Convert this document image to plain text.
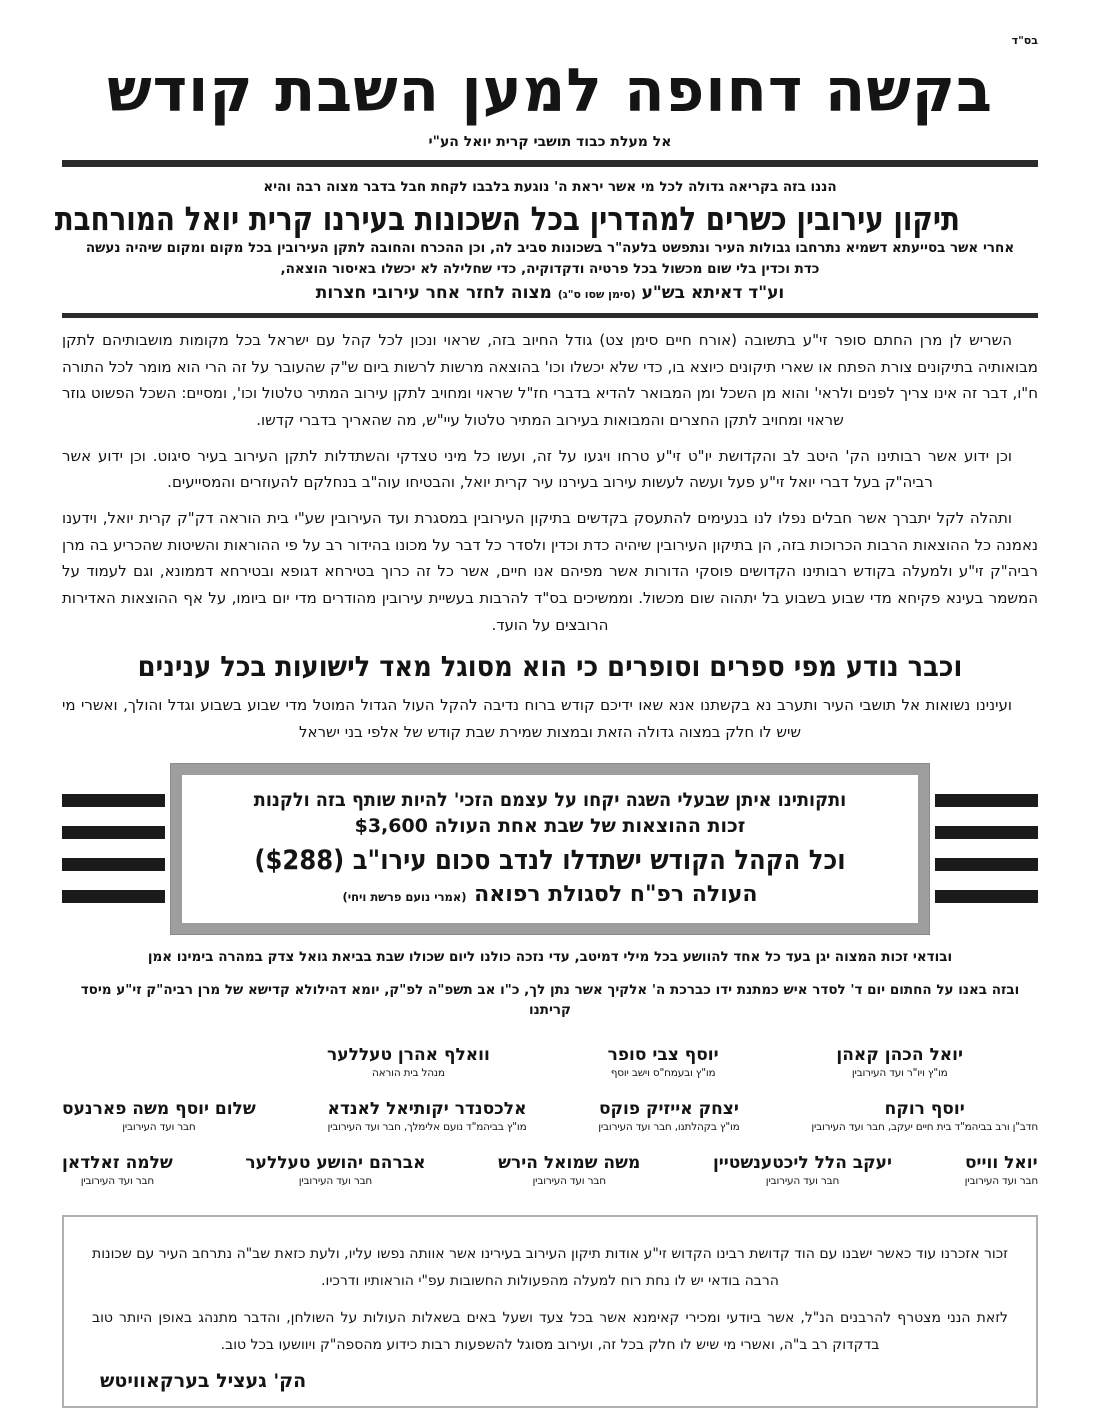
בס"ד
בקשה דחופה למען השבת קודש
אל מעלת כבוד תושבי קרית יואל הע"י
הננו בזה בקריאה גדולה לכל מי אשר יראת ה' נוגעת בלבבו לקחת חבל בדבר מצוה רבה והיא
תיקון עירובין כשרים למהדרין בכל השכונות בעירנו קרית יואל המורחבת
אחרי אשר בסייעתא דשמיא נתרחבו גבולות העיר ונתפשט בלעה"ר בשכונות סביב לה, וכן ההכרח והחובה לתקן העירובין בכל מקום ומקום שיהיה נעשה
כדת וכדין בלי שום מכשול בכל פרטיה ודקדוקיה, כדי שחלילה לא יכשלו באיסור הוצאה,
וע"ד דאיתא בש"ע (סימן שסו ס"ג) מצוה לחזר אחר עירובי חצרות

השריש לן מרן החתם סופר זי"ע בתשובה (אורח חיים סימן צט) גודל החיוב בזה, שראוי ונכון לכל קהל עם ישראל בכל מקומות מושבותיהם לתקן מבואותיה בתיקונים צורת הפתח או שארי תיקונים כיוצא בו, כדי שלא יכשלו וכו' בהוצאה מרשות לרשות ביום ש"ק שהעובר על זה הרי הוא מומר לכל התורה ח"ו, דבר זה אינו צריך לפנים ולראי' והוא מן השכל ומן המבואר להדיא בדברי חז"ל שראוי ומחויב לתקן עירוב המתיר טלטול וכו', ומסיים: השכל הפשוט גוזר שראוי ומחויב לתקן החצרים והמבואות בעירוב המתיר טלטול עיי"ש, מה שהאריך בדברי קדשו.

וכן ידוע אשר רבותינו הק' היטב לב והקדושת יו"ט זי"ע טרחו ויגעו על זה, ועשו כל מיני טצדקי והשתדלות לתקן העירוב בעיר סיגוט. וכן ידוע אשר רביה"ק בעל דברי יואל זי"ע פעל ועשה לעשות עירוב בעירנו עיר קרית יואל, והבטיחו עוה"ב בנחלקם להעוזרים והמסייעים.

ותהלה לקל יתברך אשר חבלים נפלו לנו בנעימים להתעסק בקדשים בתיקון העירובין במסגרת ועד העירובין שע"י בית הוראה דק"ק קרית יואל, וידענו נאמנה כל ההוצאות הרבות הכרוכות בזה, הן בתיקון העירובין שיהיה כדת וכדין ולסדר כל דבר על מכונו בהידור רב על פי ההוראות והשיטות שהכריע בה מרן רביה"ק זי"ע ולמעלה בקודש רבותינו הקדושים פוסקי הדורות אשר מפיהם אנו חיים, אשר כל זה כרוך בטירחא דגופא ובטירחא דממונא, וגם לעמוד על המשמר בעינא פקיחא מדי שבוע בשבוע בל יתהוה שום מכשול. וממשיכים בס"ד להרבות בעשיית עירובין מהודרים מדי יום ביומו, על אף ההוצאות האדירות הרובצים על הועד.

וכבר נודע מפי ספרים וסופרים כי הוא מסוגל מאד לישועות בכל ענינים

ועינינו נשואות אל תושבי העיר ותערב נא בקשתנו אנא שאו ידיכם קודש ברוח נדיבה להקל העול הגדול המוטל מדי שבוע בשבוע וגדל והולך, ואשרי מי שיש לו חלק במצוה גדולה הזאת ובמצות שמירת שבת קודש של אלפי בני ישראל

ותקותינו איתן שבעלי השגה יקחו על עצמם הזכי' להיות שותף בזה ולקנות
זכות ההוצאות של שבת אחת העולה $3,600
וכל הקהל הקודש ישתדלו לנדב סכום עירו"ב ($288)
העולה רפ"ח לסגולת רפואה (אמרי נועם פרשת ויחי)
ובודאי זכות המצוה יגן בעד כל אחד להוושע בכל מילי דמיטב, עדי נזכה כולנו ליום שכולו שבת בביאת גואל צדק במהרה בימינו אמן
ובזה באנו על החתום יום ד' לסדר איש כמתנת ידו כברכת ה' אלקיך אשר נתן לך, כ"ו אב תשפ"ה לפ"ק, יומא דהילולא קדישא של מרן רביה"ק זי"ע מיסד קריתנו
יואל הכהן קאהן
מו"ץ ויו"ר ועד העירובין
יוסף צבי סופר
מו"ץ ובעמח"ס וישב יוסף
וואלף אהרן טעללער
מנהל בית הוראה
יוסף רוקח
חדב"ן ורב בביהמ"ד בית חיים יעקב, חבר ועד העירובין
יצחק אייזיק פוקס
מו"ץ בקהלתנו, חבר ועד העירובין
אלכסנדר יקותיאל לאנדא
מו"ץ בביהמ"ד נועם אלימלך, חבר ועד העירובין
שלום יוסף משה פארנעס
חבר ועד העירובין
יואל ווייס
חבר ועד העירובין
יעקב הלל ליכטענשטיין
חבר ועד העירובין
משה שמואל הירש
חבר ועד העירובין
אברהם יהושע טעללער
חבר ועד העירובין
שלמה זאלדאן
חבר ועד העירובין

זכור אזכרנו עוד כאשר ישבנו עם הוד קדושת רבינו הקדוש זי"ע אודות תיקון העירוב בעירינו אשר אוותה נפשו עליו, ולעת כזאת שב"ה נתרחב העיר עם שכונות הרבה בודאי יש לו נחת רוח למעלה מהפעולות החשובות עפ"י הוראותיו ודרכיו.

לזאת הנני מצטרף להרבנים הנ"ל, אשר ביודעי ומכירי קאימנא אשר בכל צעד ושעל באים בשאלות העולות על השולחן, והדבר מתנהג באופן היותר טוב בדקדוק רב ב"ה, ואשרי מי שיש לו חלק בכל זה, ועירוב מסוגל להשפעות רבות כידוע מהספה"ק ויוושעו בכל טוב.

הק' געציל בערקאוויטש
